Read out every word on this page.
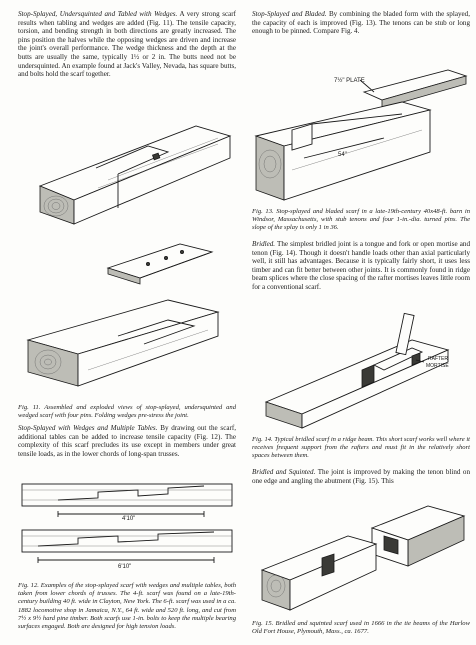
Stop-Splayed, Undersquinted and Tabled with Wedges. A very strong scarf results when tabling and wedges are added (Fig. 11). The tensile capacity, torsion, and bending strength in both directions are greatly increased. The pins position the halves while the opposing wedges are driven and increase the joint's overall performance. The wedge thickness and the depth at the butts are usually the same, typically 1½ or 2 in. The butts need not be undersquinted. An example found at Jack's Valley, Nevada, has square butts, and bolts hold the scarf together.
Fig. 11. Assembled and exploded views of stop-splayed, undersquinted and wedged scarf with four pins. Folding wedges pre-stress the joint.
Stop-Splayed with Wedges and Multiple Tables. By drawing out the scarf, additional tables can be added to increase tensile capacity (Fig. 12). The complexity of this scarf precludes its use except in members under great tensile loads, as in the lower chords of long-span trusses.
4'10"
6'10"
Fig. 12. Examples of the stop-splayed scarf with wedges and multiple tables, both taken from lower chords of trusses. The 4-ft. scarf was found on a late-19th-century building 40 ft. wide in Clayton, New York. The 6-ft. scarf was used in a ca. 1882 locomotive shop in Jamaica, N.Y., 64 ft. wide and 520 ft. long, and cut from 7½ x 9½ hard pine timber. Both scarfs use 1-in. bolts to keep the multiple bearing surfaces engaged. Both are designed for high tension loads.
Stop-Splayed and Bladed. By combining the bladed form with the splayed, the capacity of each is improved (Fig. 13). The tenons can be stub or long enough to be pinned. Compare Fig. 4.
7½" PLATE
54"
Fig. 13. Stop-splayed and bladed scarf in a late-19th-century 40x48-ft. barn in Windsor, Massachusetts, with stub tenons and four 1-in.-dia. turned pins. The slope of the splay is only 1 in 36.
Bridled. The simplest bridled joint is a tongue and fork or open mortise and tenon (Fig. 14). Though it doesn't handle loads other than axial particularly well, it still has advantages. Because it is typically fairly short, it uses less timber and can fit better between other joints. It is commonly found in ridge beam splices where the close spacing of the rafter mortises leaves little room for a conventional scarf.
RAFTER
MORTISE
Fig. 14. Typical bridled scarf in a ridge beam. This short scarf works well where it receives frequent support from the rafters and must fit in the relatively short spaces between them.
Bridled and Squinted. The joint is improved by making the tenon blind on one edge and angling the abutment (Fig. 15). This
Fig. 15. Bridled and squinted scarf used in 1666 in the tie beams of the Harlow Old Fort House, Plymouth, Mass., ca. 1677.
